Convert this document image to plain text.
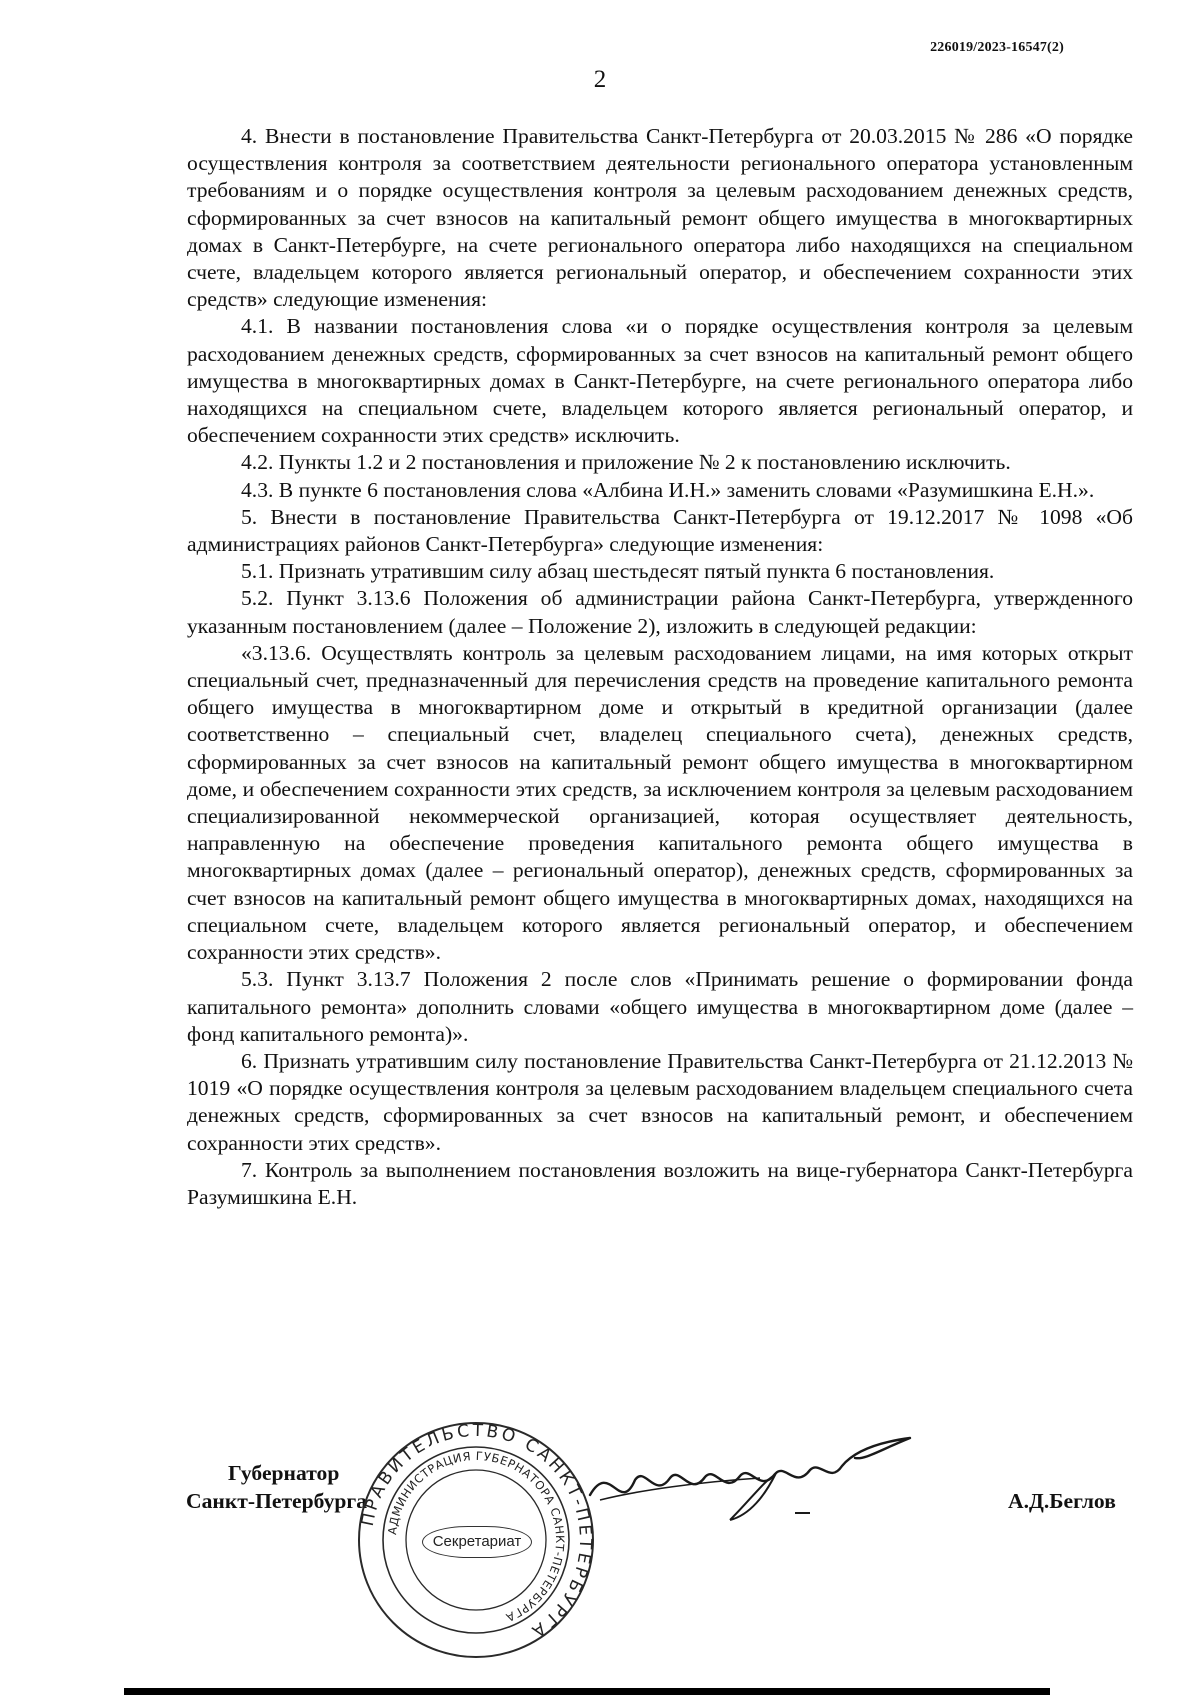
226019/2023-16547(2)
2

4. Внести в постановление Правительства Санкт-Петербурга от 20.03.2015 № 286 «О порядке осуществления контроля за соответствием деятельности регионального оператора установленным требованиям и о порядке осуществления контроля за целевым расходованием денежных средств, сформированных за счет взносов на капитальный ремонт общего имущества в многоквартирных домах в Санкт-Петербурге, на счете регионального оператора либо находящихся на специальном счете, владельцем которого является региональный оператор, и обеспечением сохранности этих средств» следующие изменения:

4.1. В названии постановления слова «и о порядке осуществления контроля за целевым расходованием денежных средств, сформированных за счет взносов на капитальный ремонт общего имущества в многоквартирных домах в Санкт-Петербурге, на счете регионального оператора либо находящихся на специальном счете, владельцем которого является региональный оператор, и обеспечением сохранности этих средств» исключить.

4.2. Пункты 1.2 и 2 постановления и приложение № 2 к постановлению исключить.

4.3. В пункте 6 постановления слова «Албина И.Н.» заменить словами «Разумишкина Е.Н.».

5. Внести в постановление Правительства Санкт-Петербурга от 19.12.2017 № 1098 «Об администрациях районов Санкт-Петербурга» следующие изменения:

5.1. Признать утратившим силу абзац шестьдесят пятый пункта 6 постановления.

5.2. Пункт 3.13.6 Положения об администрации района Санкт-Петербурга, утвержденного указанным постановлением (далее – Положение 2), изложить в следующей редакции:

«3.13.6. Осуществлять контроль за целевым расходованием лицами, на имя которых открыт специальный счет, предназначенный для перечисления средств на проведение капитального ремонта общего имущества в многоквартирном доме и открытый в кредитной организации (далее соответственно – специальный счет, владелец специального счета), денежных средств, сформированных за счет взносов на капитальный ремонт общего имущества в многоквартирном доме, и обеспечением сохранности этих средств, за исключением контроля за целевым расходованием специализированной некоммерческой организацией, которая осуществляет деятельность, направленную на обеспечение проведения капитального ремонта общего имущества в многоквартирных домах (далее – региональный оператор), денежных средств, сформированных за счет взносов на капитальный ремонт общего имущества в многоквартирных домах, находящихся на специальном счете, владельцем которого является региональный оператор, и обеспечением сохранности этих средств».

5.3. Пункт 3.13.7 Положения 2 после слов «Принимать решение о формировании фонда капитального ремонта» дополнить словами «общего имущества в многоквартирном доме (далее – фонд капитального ремонта)».

6. Признать утратившим силу постановление Правительства Санкт-Петербурга от 21.12.2013 № 1019 «О порядке осуществления контроля за целевым расходованием владельцем специального счета денежных средств, сформированных за счет взносов на капитальный ремонт, и обеспечением сохранности этих средств».

7. Контроль за выполнением постановления возложить на вице-губернатора Санкт-Петербурга Разумишкина Е.Н.

Губернатор
Санкт-Петербурга
ПРАВИТЕЛЬСТВО САНКТ-ПЕТЕРБУРГА
АДМИНИСТРАЦИЯ ГУБЕРНАТОРА САНКТ-ПЕТЕРБУРГА
Секретариат
А.Д.Беглов
